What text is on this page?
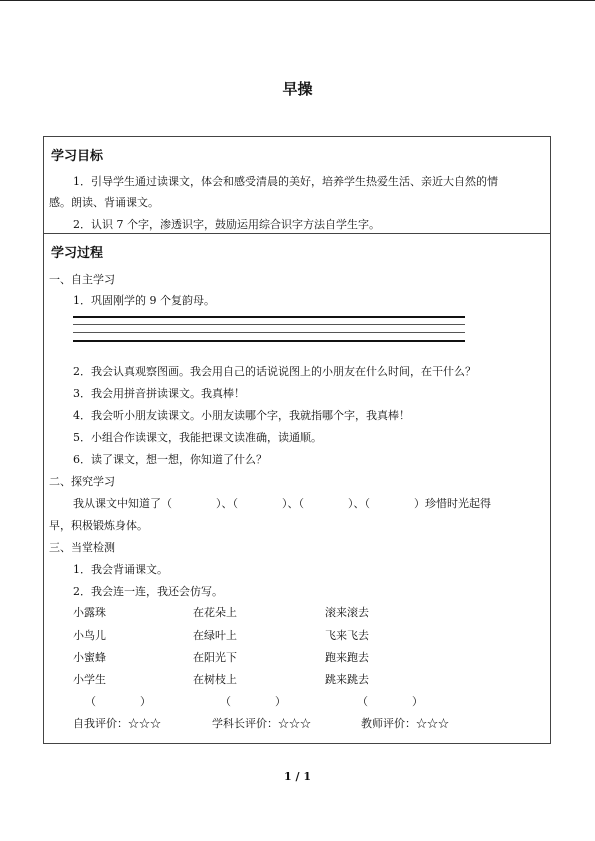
早操
学习目标
1．引导学生通过读课文，体会和感受清晨的美好，培养学生热爱生活、亲近大自然的情
感。朗读、背诵课文。
2．认识 7 个字，渗透识字，鼓励运用综合识字方法自学生字。
学习过程
一、自主学习
1．巩固刚学的 9 个复韵母。
2．我会认真观察图画。我会用自己的话说说图上的小朋友在什么时间，在干什么？
3．我会用拼音拼读课文。我真棒！
4．我会听小朋友读课文。小朋友读哪个字，我就指哪个字，我真棒！
5．小组合作读课文，我能把课文读准确，读通顺。
6．读了课文，想一想，你知道了什么？
二、探究学习
我从课文中知道了（　　　　）、（　　　　）、（　　　　）、（　　　　）珍惜时光起得
早，积极锻炼身体。
三、当堂检测
1．我会背诵课文。
2．我会连一连，我还会仿写。
小露珠	在花朵上	滚来滚去
小鸟儿	在绿叶上	飞来飞去
小蜜蜂	在阳光下	跑来跑去
小学生	在树枝上	跳来跳去
（　　　　）	（　　　　）	（　　　　）
自我评价：☆☆☆	学科长评价：☆☆☆	教师评价：☆☆☆
1 / 1
